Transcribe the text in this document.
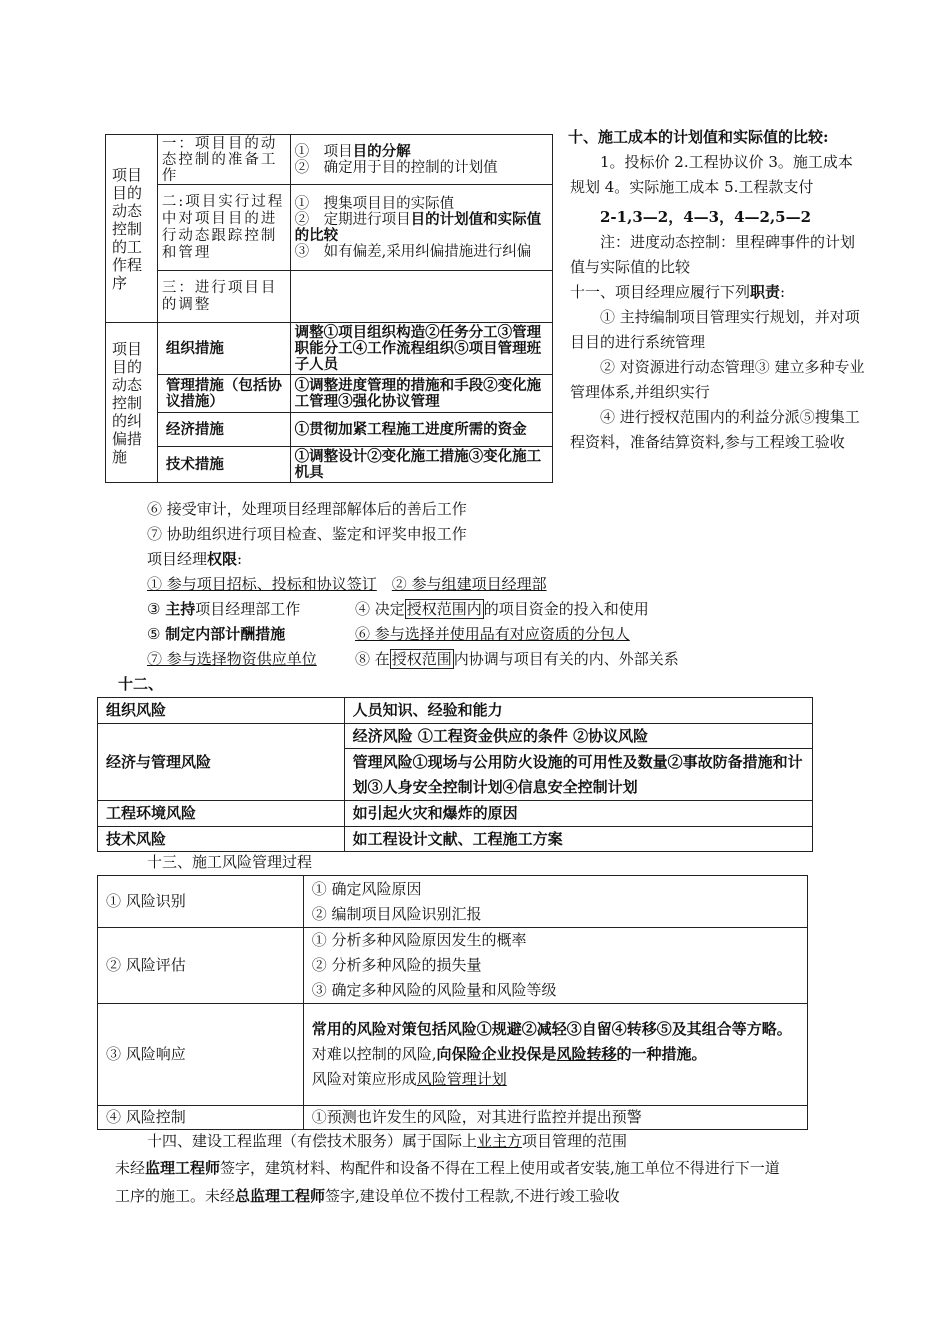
项目目的动态控制的工作程序	一：项目目的动态控制的准备工作	①　 项目目的分解
②　 确定用于目的控制的计划值

	二:项目实行过程中对项目目的进行动态跟踪控制和管理	①　 搜集项目目的实际值
②　 定期进行项目目的计划值和实际值的比较
③　 如有偏差,采用纠偏措施进行纠偏

	三：进行项目目的调整	
项目目的动态控制的纠偏措施	组织措施	调整①项目组织构造②任务分工③管理职能分工④工作流程组织⑤项目管理班子人员
	管理措施（包括协议措施）	①调整进度管理的措施和手段②变化施工管理③强化协议管理
	经济措施	①贯彻加紧工程施工进度所需的资金
	技术措施	①调整设计②变化施工措施③变化施工机具
十、施工成本的计划值和实际值的比较:
1。投标价 2.工程协议价 3。施工成本规划 4。实际施工成本 5.工程款支付
2-1,3—2，4—3，4—2,5—2
注：进度动态控制：里程碑事件的计划值与实际值的比较
十一、项目经理应履行下列职责:
① 主持编制项目管理实行规划，并对项目目的进行系统管理
② 对资源进行动态管理③ 建立多种专业管理体系,并组织实行
④ 进行授权范围内的利益分派⑤搜集工程资料，准备结算资料,参与工程竣工验收
⑥ 接受审计，处理项目经理部解体后的善后工作
⑦ 协助组织进行项目检查、鉴定和评奖申报工作
项目经理权限:
① 参与项目招标、投标和协议签订　 ② 参与组建项目经理部
③ 主持项目经理部工作	④ 决定 授权范围内 的项目资金的投入和使用
⑤ 制定内部计酬措施	⑥ 参与选择并使用品有对应资质的分包人
⑦ 参与选择物资供应单位	⑧ 在 授权范围 内协调与项目有关的内、外部关系
十二、
组织风险	人员知识、经验和能力
经济与管理风险	经济风险 ①工程资金供应的条件 ②协议风险
	管理风险①现场与公用防火设施的可用性及数量②事故防备措施和计划③人身安全控制计划④信息安全控制计划
工程环境风险	如引起火灾和爆炸的原因
技术风险	如工程设计文献、工程施工方案
十三、施工风险管理过程
① 风险识别	① 确定风险原因
② 编制项目风险识别汇报

② 风险评估	① 分析多种风险原因发生的概率
② 分析多种风险的损失量
③ 确定多种风险的风险量和风险等级

③ 风险响应	常用的风险对策包括风险①规避②减轻③自留④转移⑤及其组合等方略。对难以控制的风险,向保险企业投保是风险转移的一种措施。
风险对策应形成风险管理计划

④ 风险控制	①预测也许发生的风险，对其进行监控并提出预警
十四、建设工程监理（有偿技术服务）属于国际上业主方项目管理的范围
未经监理工程师签字，建筑材料、构配件和设备不得在工程上使用或者安装,施工单位不得进行下一道
工序的施工。未经总监理工程师签字,建设单位不拨付工程款,不进行竣工验收
